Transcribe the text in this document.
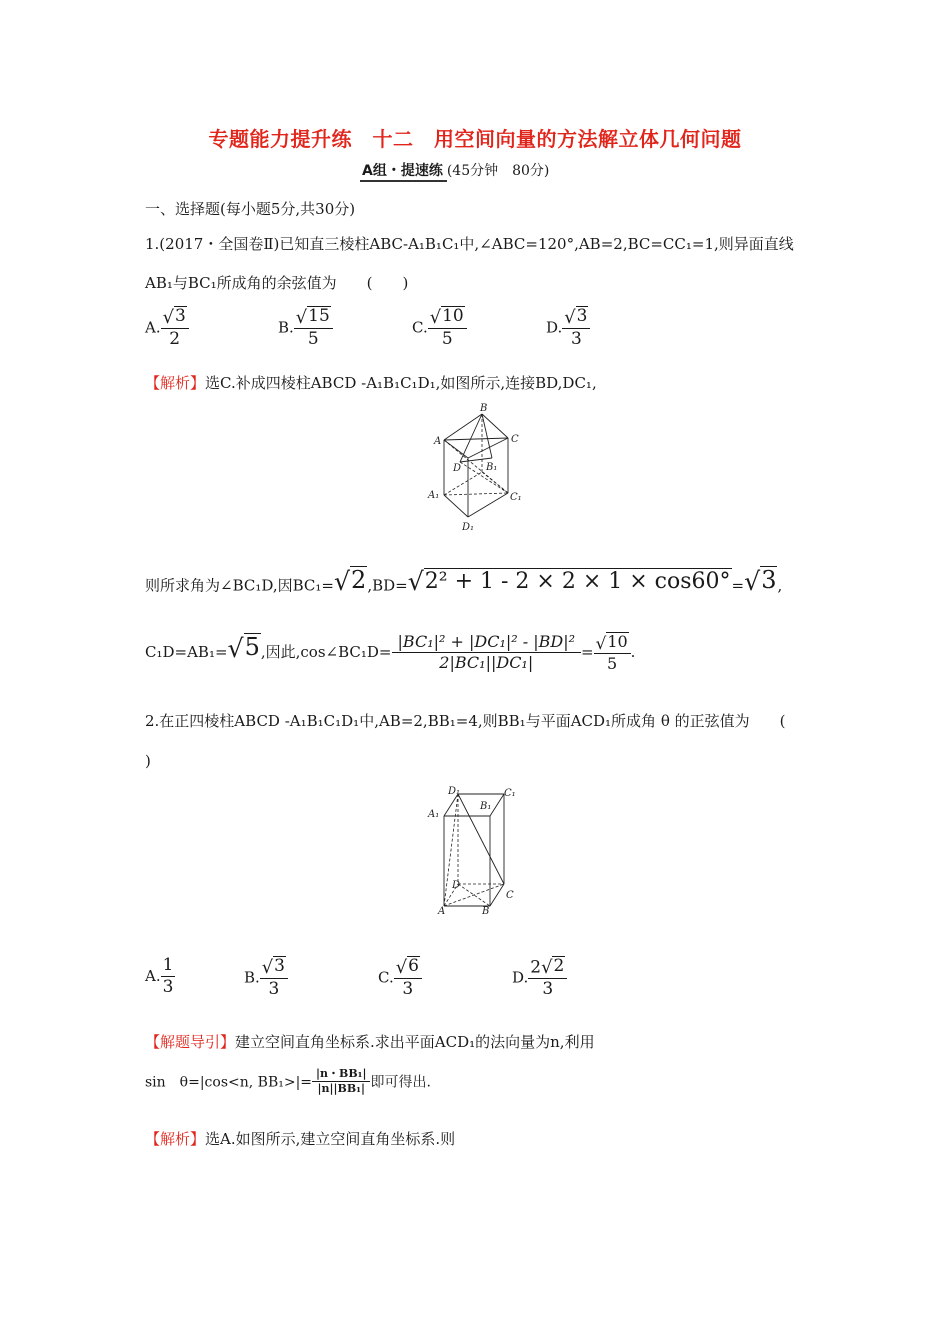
专题能力提升练　十二　用空间向量的方法解立体几何问题
A组・提速练 (45分钟　80分)
一、选择题(每小题5分,共30分)
1.(2017・全国卷Ⅱ)已知直三棱柱ABC-A₁B₁C₁中,∠ABC=120°,AB=2,BC=CC₁=1,则异面直线
AB₁与BC₁所成角的余弦值为　　(　　)
A. $\frac{√ 3}{2}$	B. $\frac{√ 15}{5}$	C. $\frac{√ 10}{5}$	D. $\frac{√ 3}{3}$
【解析】选C.补成四棱柱ABCD -A₁B₁C₁D₁,如图所示,连接BD,DC₁,
B
A	C
D B₁
A₁	C₁
D₁
则所求角为∠BC₁D,因BC₁= √ 2 ,BD= √ 2² + 1 - 2 × 2 × 1 × cos60° = √ 3 ,
C₁D=AB₁= √ 5 ,因此,cos∠BC₁D= $\frac{\text{|BC₁|² + |DC₁|² - |BD|²}}{\text{2|BC₁||DC₁|}} = \frac{√ 10}{5}$ .
2.在正四棱柱ABCD -A₁B₁C₁D₁中,AB=2,BB₁=4,则BB₁与平面ACD₁所成角 θ 的正弦值为　　(
)
D₁	C₁
B₁
A₁
D
C
A	B
A. $\frac{1}{3}$	B. $\frac{√ 3}{3}$	C. $\frac{√ 6}{3}$	D. $\frac{2 √ 2}{3}$
【解题导引】建立空间直角坐标系.求出平面ACD₁的法向量为n,利用
sin　θ=|cos<n, $BB_1>|= \frac{\text{|n・BB₁|}}{\text{|n||BB₁|}}$ 即可得出.
【解析】选A.如图所示,建立空间直角坐标系.则
